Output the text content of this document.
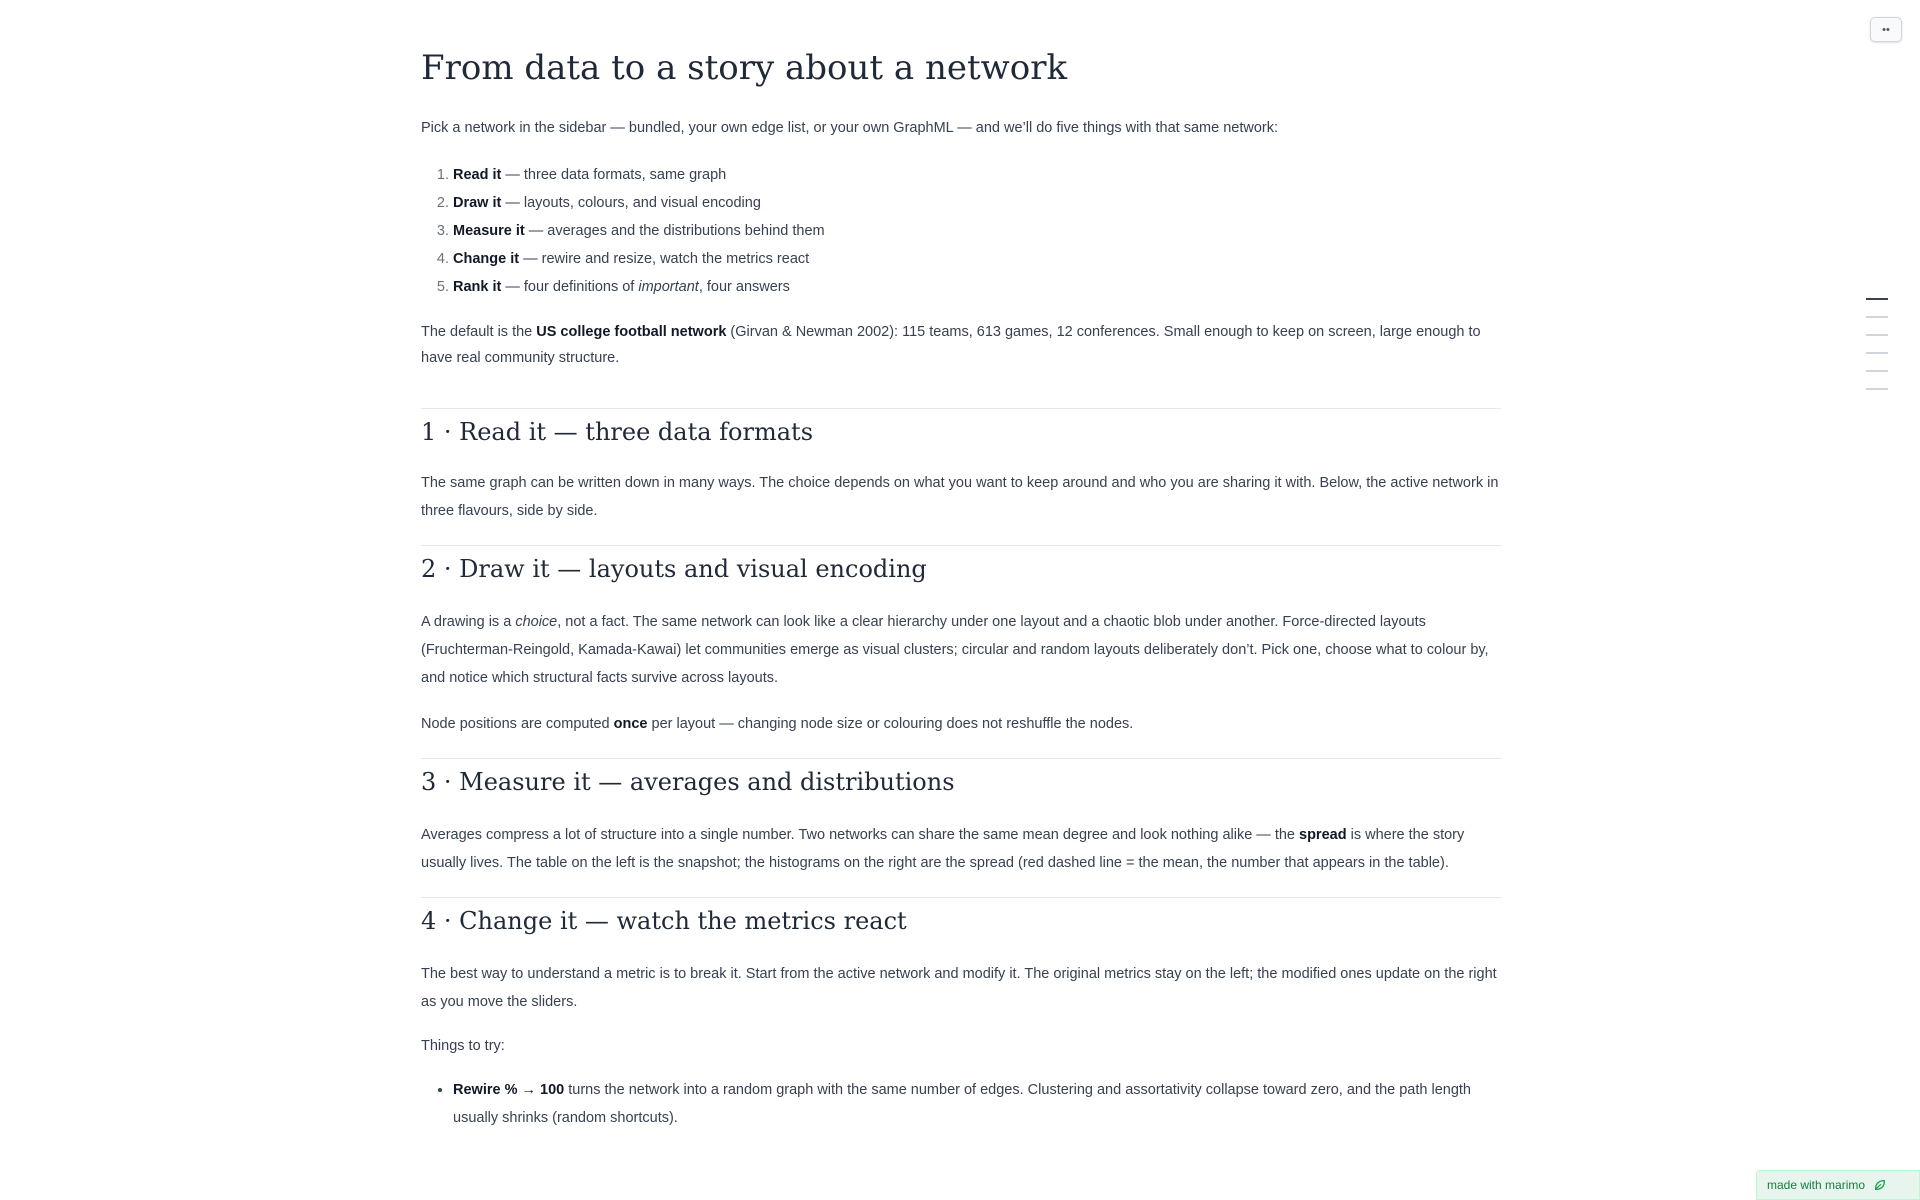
••
From data to a story about a network

Pick a network in the sidebar — bundled, your own edge list, or your own GraphML — and we’ll do five things with that same network:

1. Read it — three data formats, same graph
2. Draw it — layouts, colours, and visual encoding
3. Measure it — averages and the distributions behind them
4. Change it — rewire and resize, watch the metrics react
5. Rank it — four definitions of important, four answers

The default is the US college football network (Girvan & Newman 2002): 115 teams, 613 games, 12 conferences. Small enough to keep on screen, large enough to have real community structure.

1 · Read it — three data formats

The same graph can be written down in many ways. The choice depends on what you want to keep around and who you are sharing it with. Below, the active network in three flavours, side by side.

2 · Draw it — layouts and visual encoding

A drawing is a choice, not a fact. The same network can look like a clear hierarchy under one layout and a chaotic blob under another. Force-directed layouts (Fruchterman-Reingold, Kamada-Kawai) let communities emerge as visual clusters; circular and random layouts deliberately don’t. Pick one, choose what to colour by, and notice which structural facts survive across layouts.

Node positions are computed once per layout — changing node size or colouring does not reshuffle the nodes.

3 · Measure it — averages and distributions

Averages compress a lot of structure into a single number. Two networks can share the same mean degree and look nothing alike — the spread is where the story usually lives. The table on the left is the snapshot; the histograms on the right are the spread (red dashed line = the mean, the number that appears in the table).

4 · Change it — watch the metrics react

The best way to understand a metric is to break it. Start from the active network and modify it. The original metrics stay on the left; the modified ones update on the right as you move the sliders.

Things to try:

• Rewire % → 100 turns the network into a random graph with the same number of edges. Clustering and assortativity collapse toward zero, and the path length usually shrinks (random shortcuts).
made with marimo
